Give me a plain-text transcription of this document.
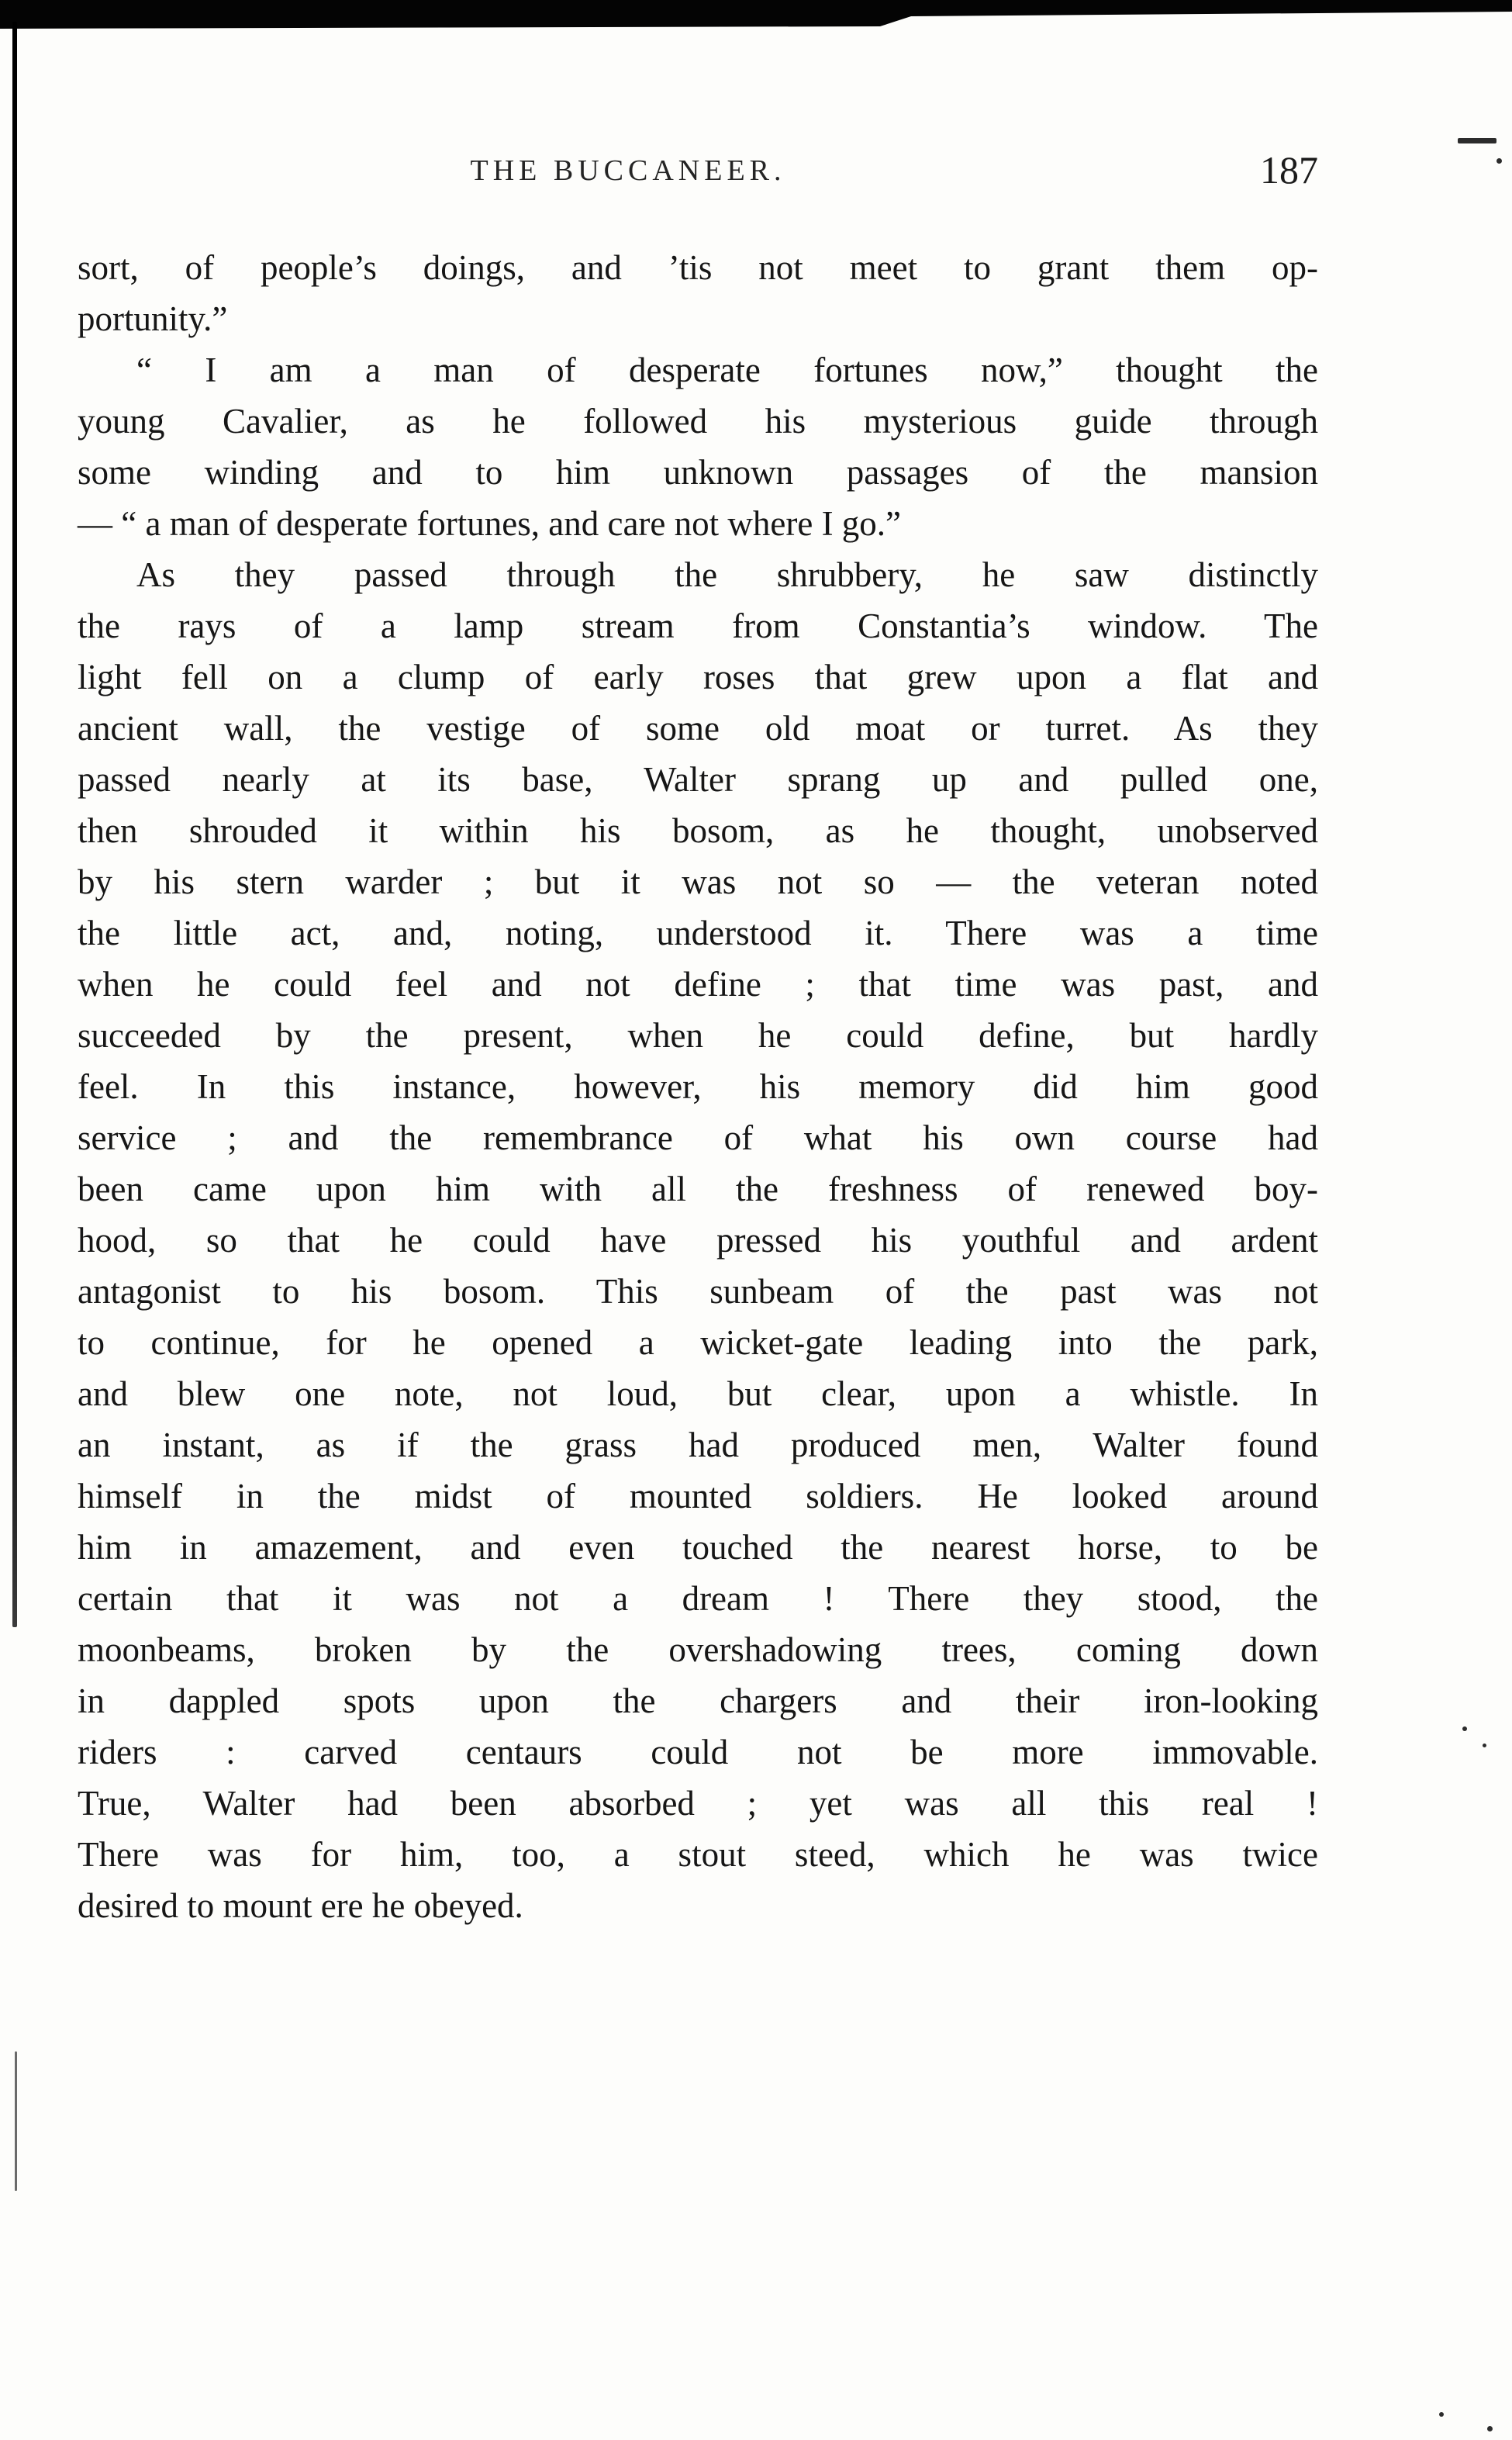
THE BUCCANEER.	187
sort, of people’s doings, and ’tis not meet to grant them op-
portunity.”
“ I am a man of desperate fortunes now,” thought the
young Cavalier, as he followed his mysterious guide through
some winding and to him unknown passages of the mansion
— “ a man of desperate fortunes, and care not where I go.”
As they passed through the shrubbery, he saw distinctly
the rays of a lamp stream from Constantia’s window. The
light fell on a clump of early roses that grew upon a flat and
ancient wall, the vestige of some old moat or turret. As they
passed nearly at its base, Walter sprang up and pulled one,
then shrouded it within his bosom, as he thought, unobserved
by his stern warder ; but it was not so — the veteran noted
the little act, and, noting, understood it. There was a time
when he could feel and not define ; that time was past, and
succeeded by the present, when he could define, but hardly
feel. In this instance, however, his memory did him good
service ; and the remembrance of what his own course had
been came upon him with all the freshness of renewed boy-
hood, so that he could have pressed his youthful and ardent
antagonist to his bosom. This sunbeam of the past was not
to continue, for he opened a wicket-gate leading into the park,
and blew one note, not loud, but clear, upon a whistle. In
an instant, as if the grass had produced men, Walter found
himself in the midst of mounted soldiers. He looked around
him in amazement, and even touched the nearest horse, to be
certain that it was not a dream ! There they stood, the
moonbeams, broken by the overshadowing trees, coming down
in dappled spots upon the chargers and their iron-looking
riders : carved centaurs could not be more immovable.
True, Walter had been absorbed ; yet was all this real !
There was for him, too, a stout steed, which he was twice
desired to mount ere he obeyed.
